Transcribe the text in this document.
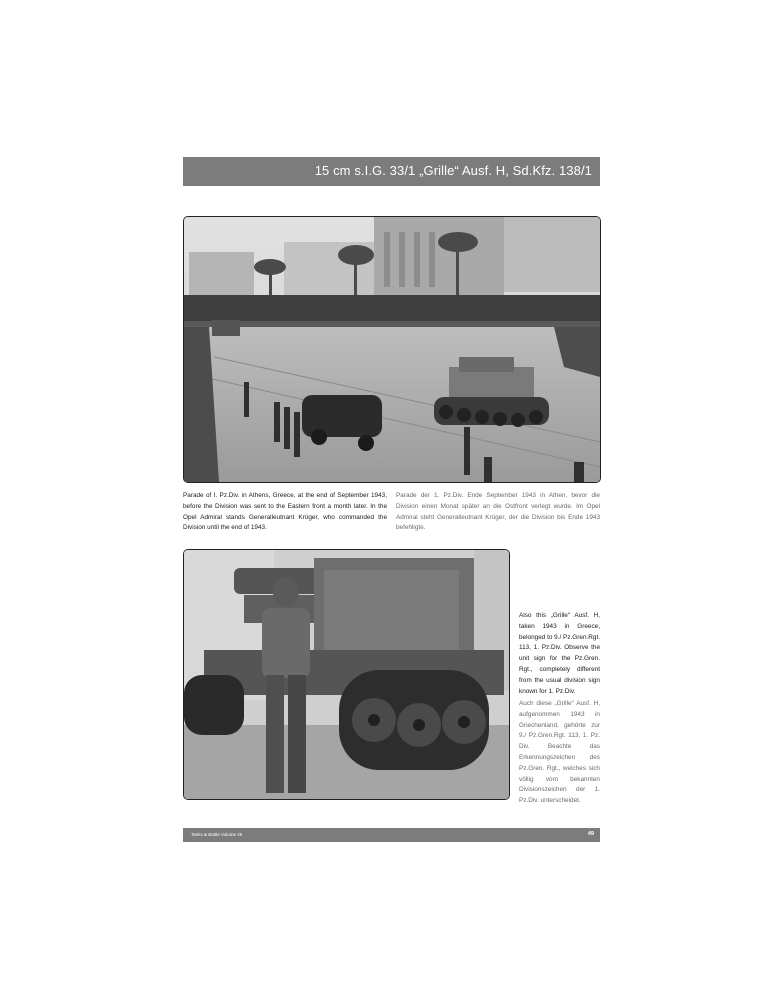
15 cm s.I.G. 33/1 „Grille“ Ausf. H, Sd.Kfz. 138/1
Parade of I. Pz.Div. in Athens, Greece, at the end of September 1943, before the Division was sent to the Eastern front a month later. In the Opel Admiral stands Generalleutnant Krüger, who commanded the Division until the end of 1943.
Parade der 1. Pz.Div. Ende September 1943 in Athen, bevor die Division einen Monat später an die Ostfront verlegt wurde. Im Opel Admiral steht Generalleutnant Krüger, der die Division bis Ende 1943 befehligte.
Also this „Grille“ Ausf. H, taken 1943 in Greece, belonged to 9./ Pz.Gren.Rgt. 113, 1. Pz.Div. Observe the unit sign for the Pz.Gren. Rgt., completely different from the usual division sign known for 1. Pz.Div.
Auch diese „Grille“ Ausf. H, aufgenommen 1943 in Griechenland, gehörte zur 9./ Pz.Gren.Rgt. 113, 1. Pz. Div. Beachte das Erkennungszeichen des Pz.Gren. Rgt., welches sich völlig vom bekannten Divisionszeichen der 1. Pz.Div. unterscheidet.
Tanks & Battle Volume 26	49
